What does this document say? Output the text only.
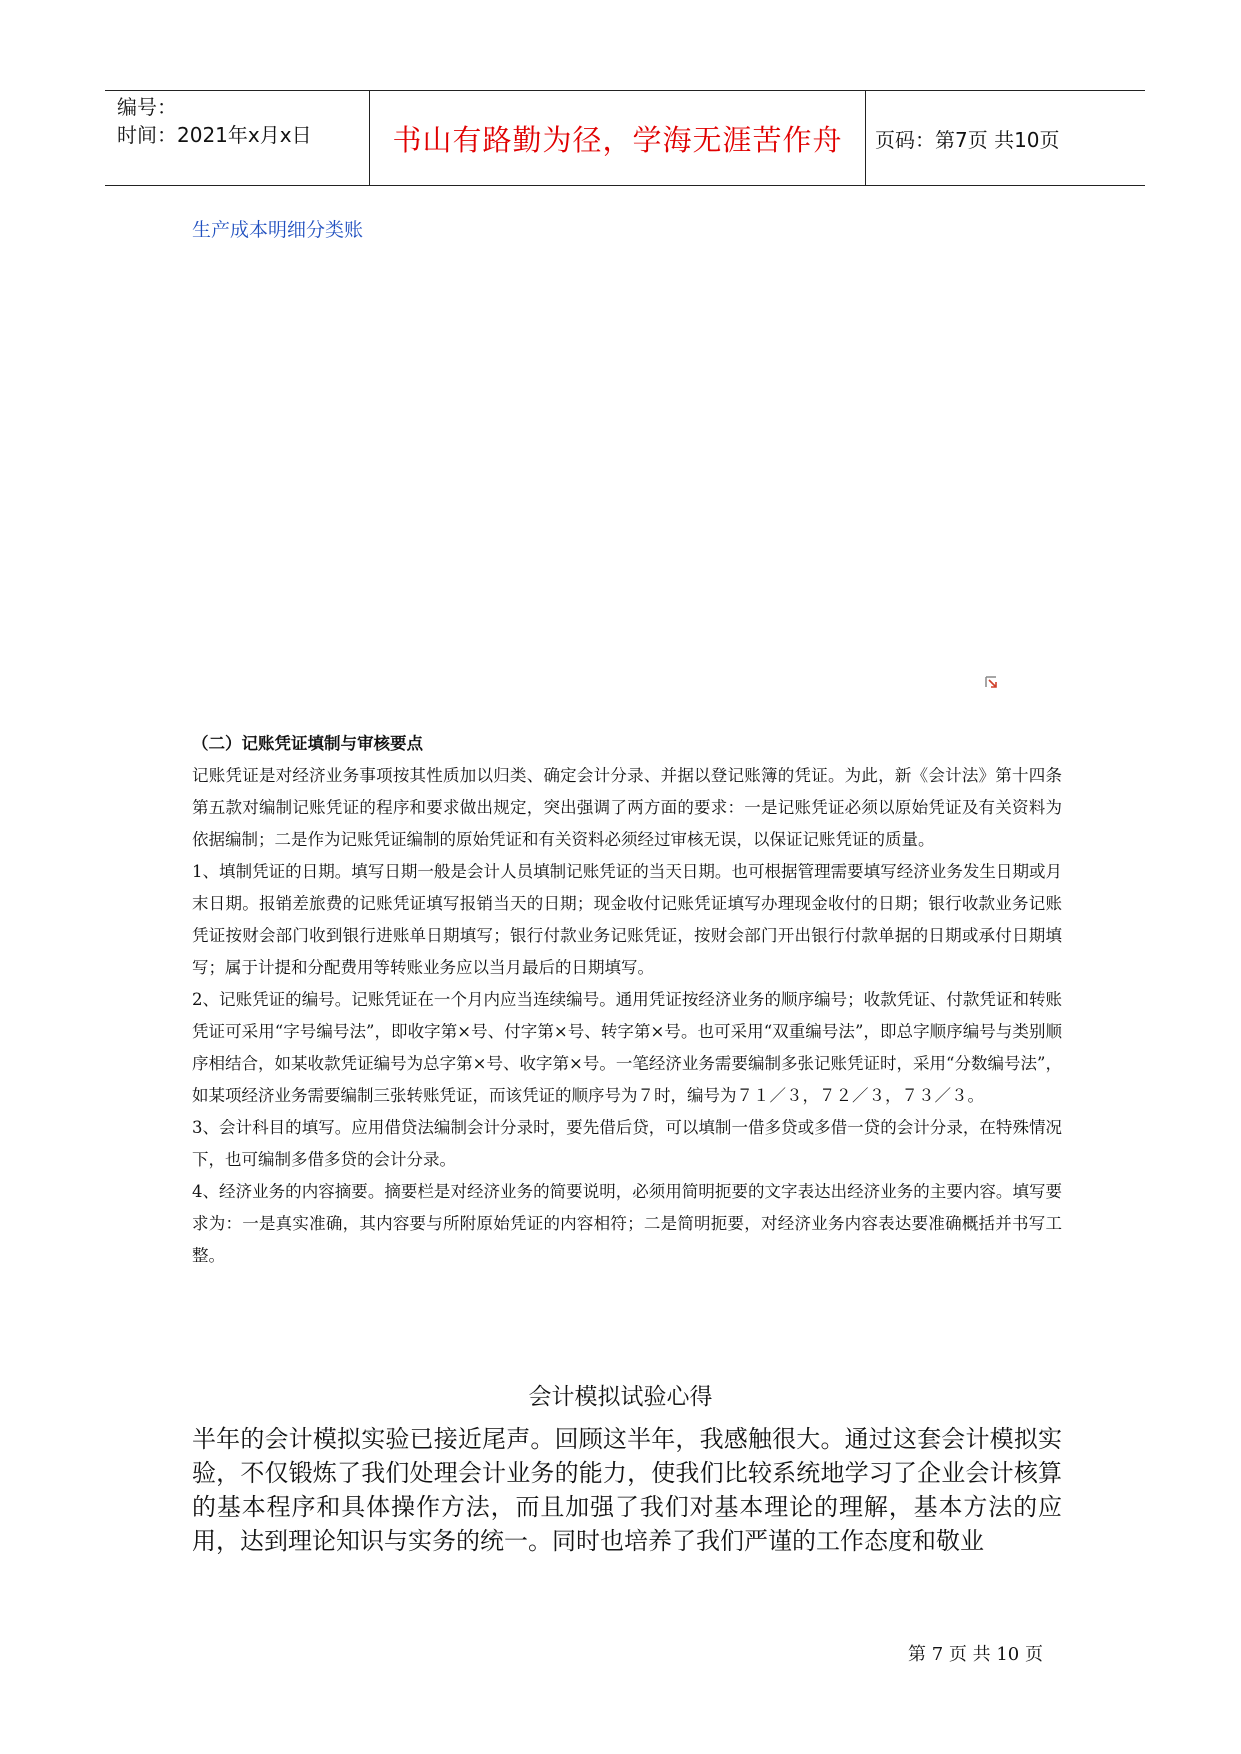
编号：
时间：2021年x月x日	书山有路勤为径，学海无涯苦作舟	页码：第7页 共10页
生产成本明细分类账

（二）记账凭证填制与审核要点

记账凭证是对经济业务事项按其性质加以归类、确定会计分录、并据以登记账簿的凭证。为此，新《会计法》第十四条第五款对编制记账凭证的程序和要求做出规定，突出强调了两方面的要求：一是记账凭证必须以原始凭证及有关资料为依据编制；二是作为记账凭证编制的原始凭证和有关资料必须经过审核无误，以保证记账凭证的质量。

1、填制凭证的日期。填写日期一般是会计人员填制记账凭证的当天日期。也可根据管理需要填写经济业务发生日期或月末日期。报销差旅费的记账凭证填写报销当天的日期；现金收付记账凭证填写办理现金收付的日期；银行收款业务记账凭证按财会部门收到银行进账单日期填写；银行付款业务记账凭证，按财会部门开出银行付款单据的日期或承付日期填写；属于计提和分配费用等转账业务应以当月最后的日期填写。

2、记账凭证的编号。记账凭证在一个月内应当连续编号。通用凭证按经济业务的顺序编号；收款凭证、付款凭证和转账凭证可采用“字号编号法”，即收字第×号、付字第×号、转字第×号。也可采用“双重编号法”，即总字顺序编号与类别顺序相结合，如某收款凭证编号为总字第×号、收字第×号。一笔经济业务需要编制多张记账凭证时，采用“分数编号法”，如某项经济业务需要编制三张转账凭证，而该凭证的顺序号为７时，编号为７１／３，７２／３，７３／３。

3、会计科目的填写。应用借贷法编制会计分录时，要先借后贷，可以填制一借多贷或多借一贷的会计分录，在特殊情况下，也可编制多借多贷的会计分录。

4、经济业务的内容摘要。摘要栏是对经济业务的简要说明，必须用简明扼要的文字表达出经济业务的主要内容。填写要求为：一是真实准确，其内容要与所附原始凭证的内容相符；二是简明扼要，对经济业务内容表达要准确概括并书写工整。

会计模拟试验心得

半年的会计模拟实验已接近尾声。回顾这半年，我感触很大。通过这套会计模拟实验，不仅锻炼了我们处理会计业务的能力，使我们比较系统地学习了企业会计核算的基本程序和具体操作方法，而且加强了我们对基本理论的理解，基本方法的应用，达到理论知识与实务的统一。同时也培养了我们严谨的工作态度和敬业

第 7 页 共 10 页
